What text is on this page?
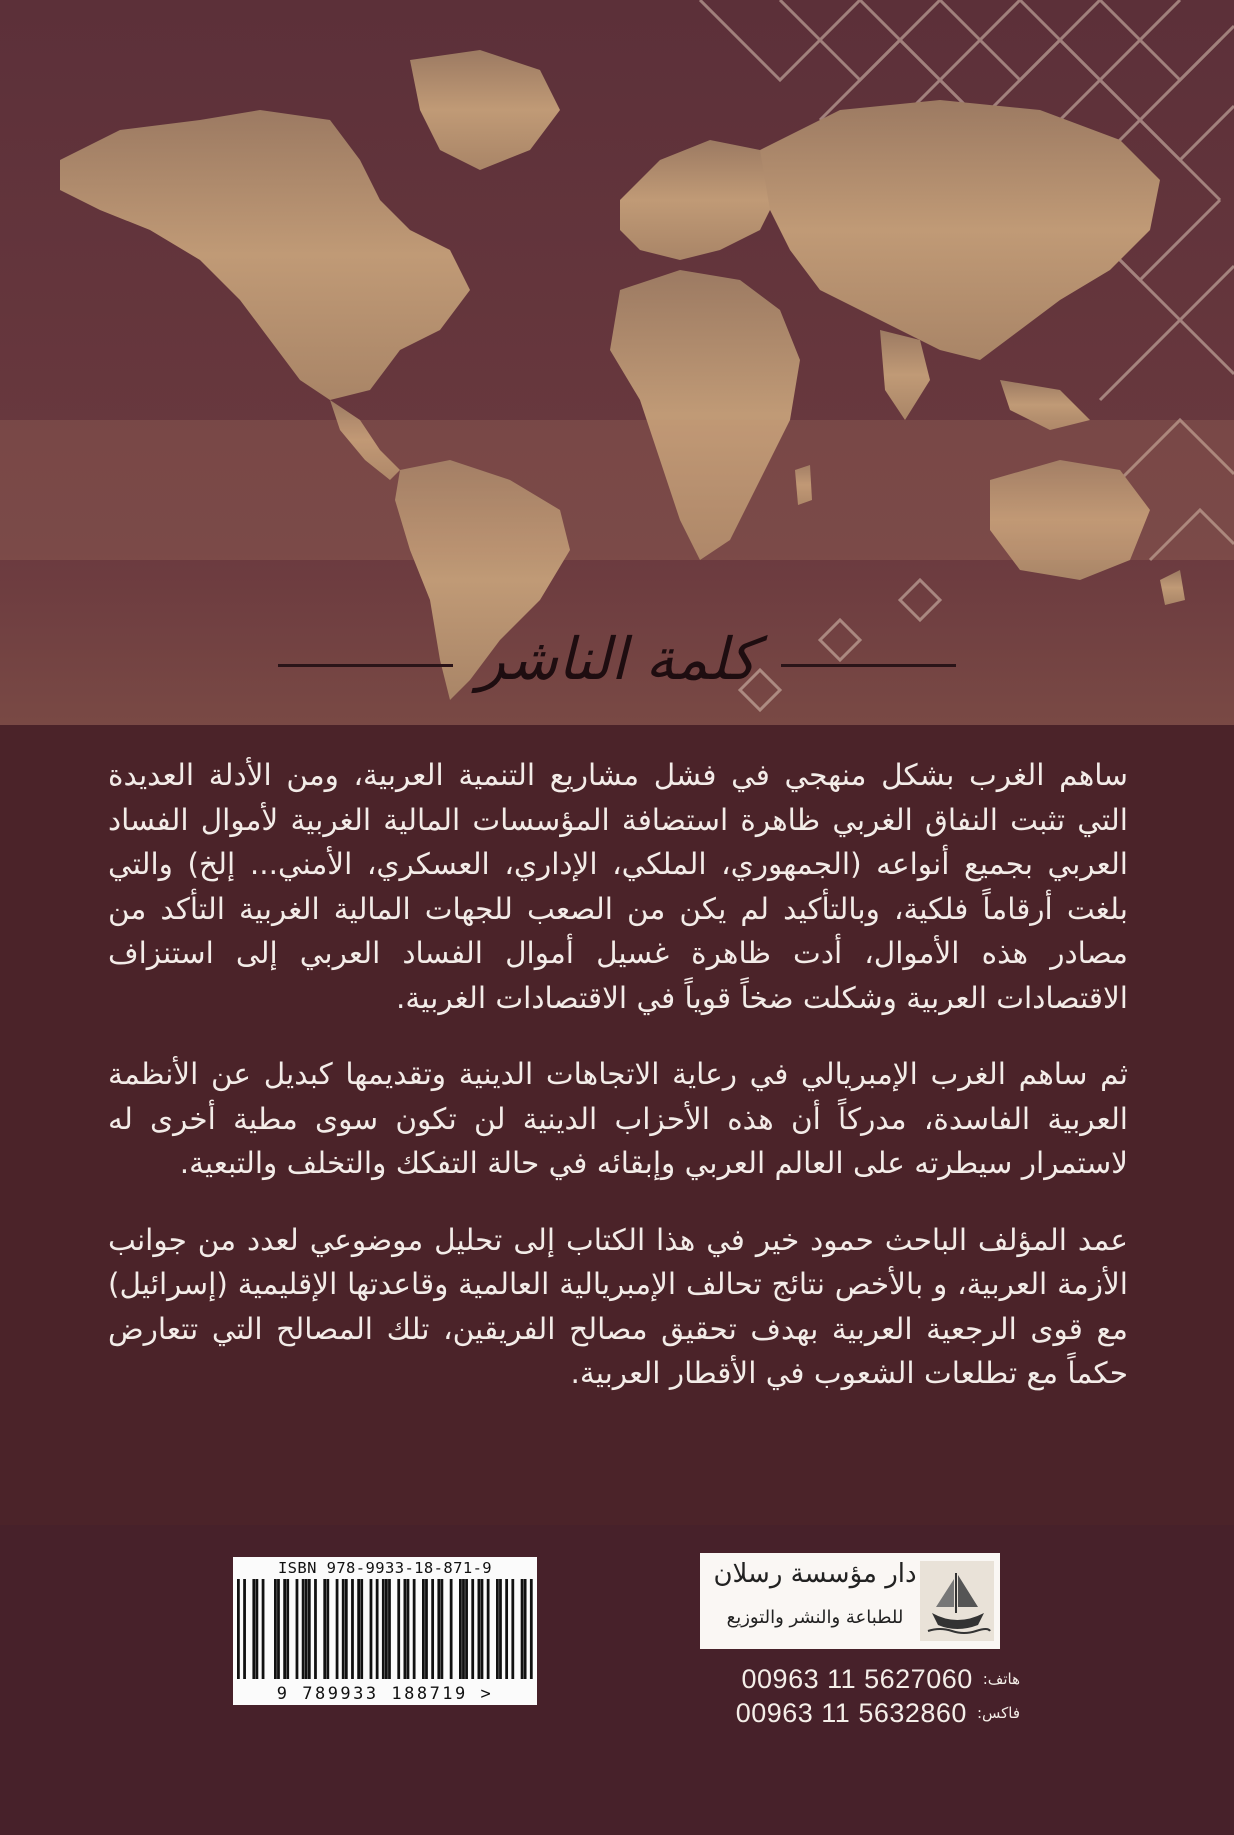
كلمة الناشر

ساهم الغرب بشكل منهجي في فشل مشاريع التنمية العربية، ومن الأدلة العديدة التي تثبت النفاق الغربي ظاهرة استضافة المؤسسات المالية الغربية لأموال الفساد العربي بجميع أنواعه (الجمهوري، الملكي، الإداري، العسكري، الأمني... إلخ) والتي بلغت أرقاماً فلكية، وبالتأكيد لم يكن من الصعب للجهات المالية الغربية التأكد من مصادر هذه الأموال، أدت ظاهرة غسيل أموال الفساد العربي إلى استنزاف الاقتصادات العربية وشكلت ضخاً قوياً في الاقتصادات الغربية.

ثم ساهم الغرب الإمبريالي في رعاية الاتجاهات الدينية وتقديمها كبديل عن الأنظمة العربية الفاسدة، مدركاً أن هذه الأحزاب الدينية لن تكون سوى مطية أخرى له لاستمرار سيطرته على العالم العربي وإبقائه في حالة التفكك والتخلف والتبعية.

عمد المؤلف الباحث حمود خير في هذا الكتاب إلى تحليل موضوعي لعدد من جوانب الأزمة العربية، و بالأخص نتائج تحالف الإمبريالية العالمية وقاعدتها الإقليمية (إسرائيل) مع قوى الرجعية العربية بهدف تحقيق مصالح الفريقين، تلك المصالح التي تتعارض حكماً مع تطلعات الشعوب في الأقطار العربية.

ISBN 978-9933-18-871-9
9 789933 188719 >
دار مؤسسة رسلان
للطباعة والنشر والتوزيع
00963 11 5627060 هاتف:
00963 11 5632860 فاكس:
